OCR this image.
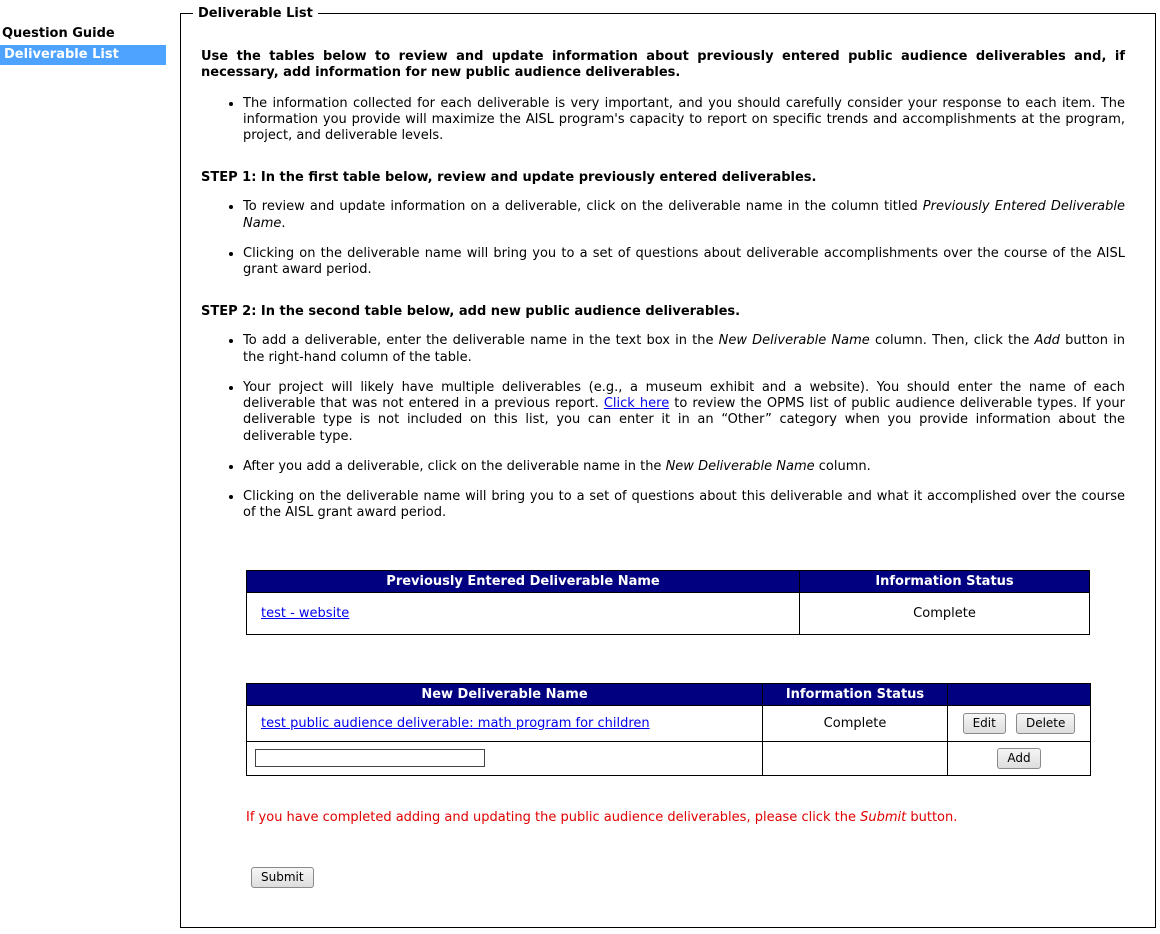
Question Guide
Deliverable List
Deliverable List

Use the tables below to review and update information about previously entered public audience deliverables and, if necessary, add information for new public audience deliverables.

• The information collected for each deliverable is very important, and you should carefully consider your response to each item. The information you provide will maximize the AISL program's capacity to report on specific trends and accomplishments at the program, project, and deliverable levels.

STEP 1: In the first table below, review and update previously entered deliverables.

• To review and update information on a deliverable, click on the deliverable name in the column titled Previously Entered Deliverable Name.
• Clicking on the deliverable name will bring you to a set of questions about deliverable accomplishments over the course of the AISL grant award period.

STEP 2: In the second table below, add new public audience deliverables.

• To add a deliverable, enter the deliverable name in the text box in the New Deliverable Name column. Then, click the Add button in the right-hand column of the table.
• Your project will likely have multiple deliverables (e.g., a museum exhibit and a website). You should enter the name of each deliverable that was not entered in a previous report. Click here to review the OPMS list of public audience deliverable types. If your deliverable type is not included on this list, you can enter it in an “Other” category when you provide information about the deliverable type.
• After you add a deliverable, click on the deliverable name in the New Deliverable Name column.
• Clicking on the deliverable name will bring you to a set of questions about this deliverable and what it accomplished over the course of the AISL grant award period.
Previously Entered Deliverable Name	Information Status
test - website	Complete
New Deliverable Name	Information Status	
test public audience deliverable: math program for children	Complete	Edit Delete
		Add

If you have completed adding and updating the public audience deliverables, please click the Submit button.

Submit
